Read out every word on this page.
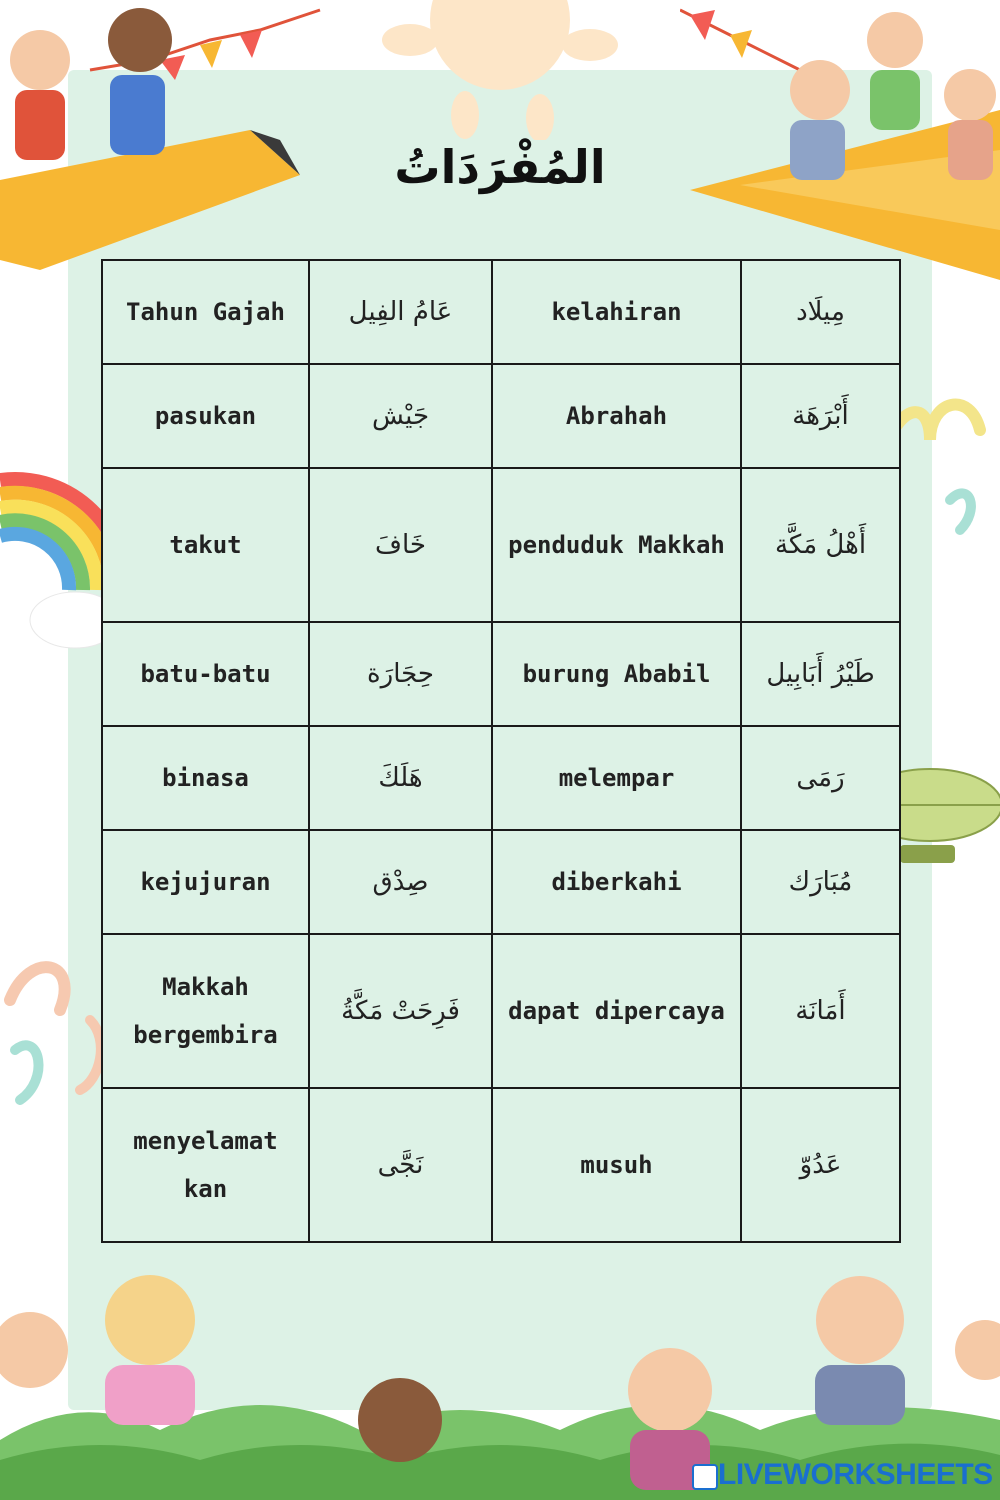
المُفْرَدَاتُ
Tahun Gajah	عَامُ الفِيل	kelahiran	مِيلَاد
pasukan	جَيْش	Abrahah	أَبْرَهَة
takut	خَافَ	penduduk Makkah	أَهْلُ مَكَّة
batu-batu	حِجَارَة	burung Ababil	طَيْرُ أَبَابِيل
binasa	هَلَكَ	melempar	رَمَى
kejujuran	صِدْق	diberkahi	مُبَارَك
Makkah bergembira	فَرِحَتْ مَكَّةُ	dapat dipercaya	أَمَانَة
menyelamat kan	نَجَّى	musuh	عَدُوّ
LIVEWORKSHEETS
